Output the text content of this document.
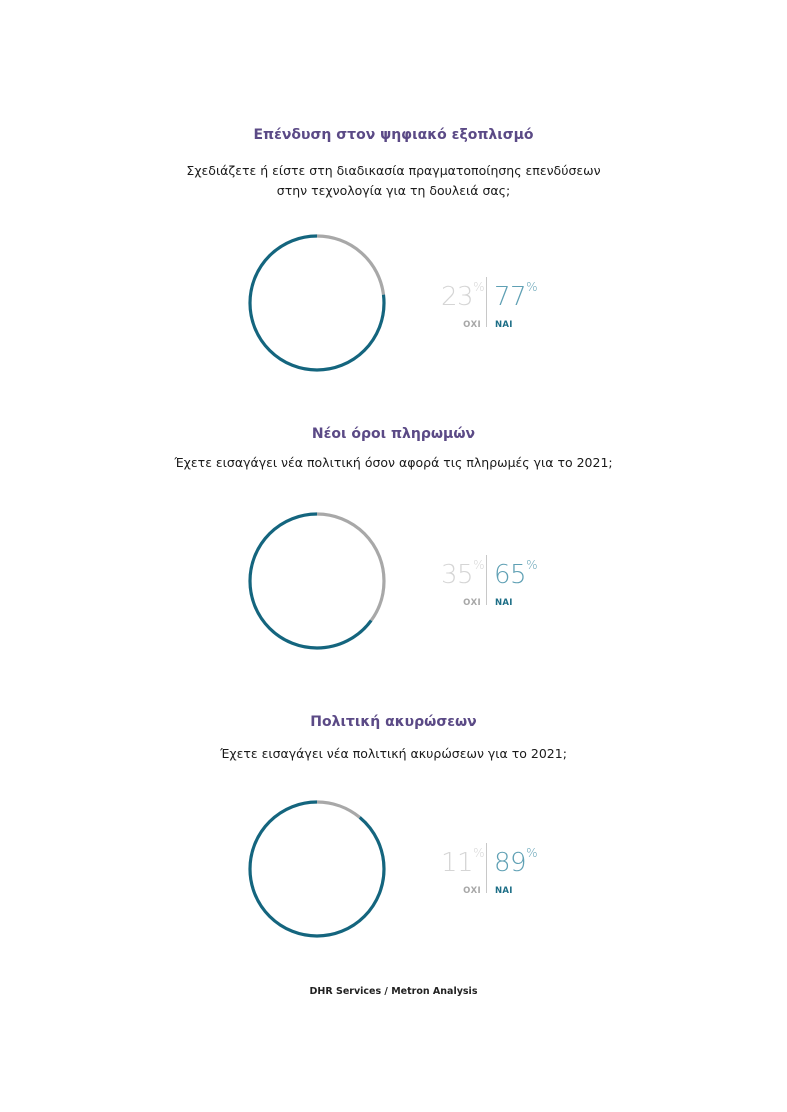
Επένδυση στον ψηφιακό εξοπλισμό
Σχεδιάζετε ή είστε στη διαδικασία πραγματοποίησης επενδύσεων
στην τεχνολογία για τη δουλειά σας;
23% 77%
ΟΧΙ ΝΑΙ
Νέοι όροι πληρωμών
Έχετε εισαγάγει νέα πολιτική όσον αφορά τις πληρωμές για το 2021;
35% 65%
ΟΧΙ ΝΑΙ
Πολιτική ακυρώσεων
Έχετε εισαγάγει νέα πολιτική ακυρώσεων για το 2021;
11% 89%
ΟΧΙ ΝΑΙ
DHR Services / Metron Analysis
